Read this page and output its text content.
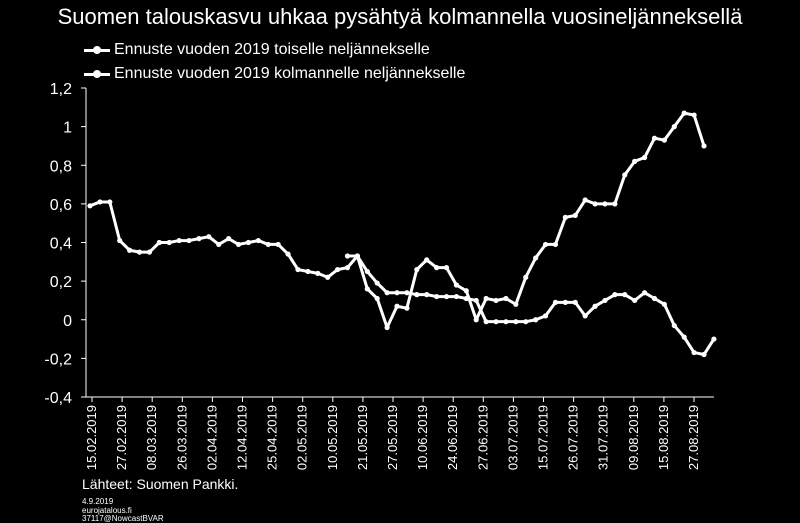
Suomen talouskasvu uhkaa pysähtyä kolmannella vuosineljänneksellä
Ennuste vuoden 2019 toiselle neljännekselle
Ennuste vuoden 2019 kolmannelle neljännekselle
-0,4
-0,2
0
0,2
0,4
0,6
0,8
1
1,2
15.02.2019 27.02.2019 08.03.2019 26.03.2019 02.04.2019 12.04.2019 25.04.2019 02.05.2019 10.05.2019 21.05.2019 27.05.2019 10.06.2019 24.06.2019 27.06.2019 03.07.2019 15.07.2019 26.07.2019 31.07.2019 09.08.2019 15.08.2019 27.08.2019
Lähteet: Suomen Pankki.
4.9.2019
eurojatalous.fi
37117@NowcastBVAR
